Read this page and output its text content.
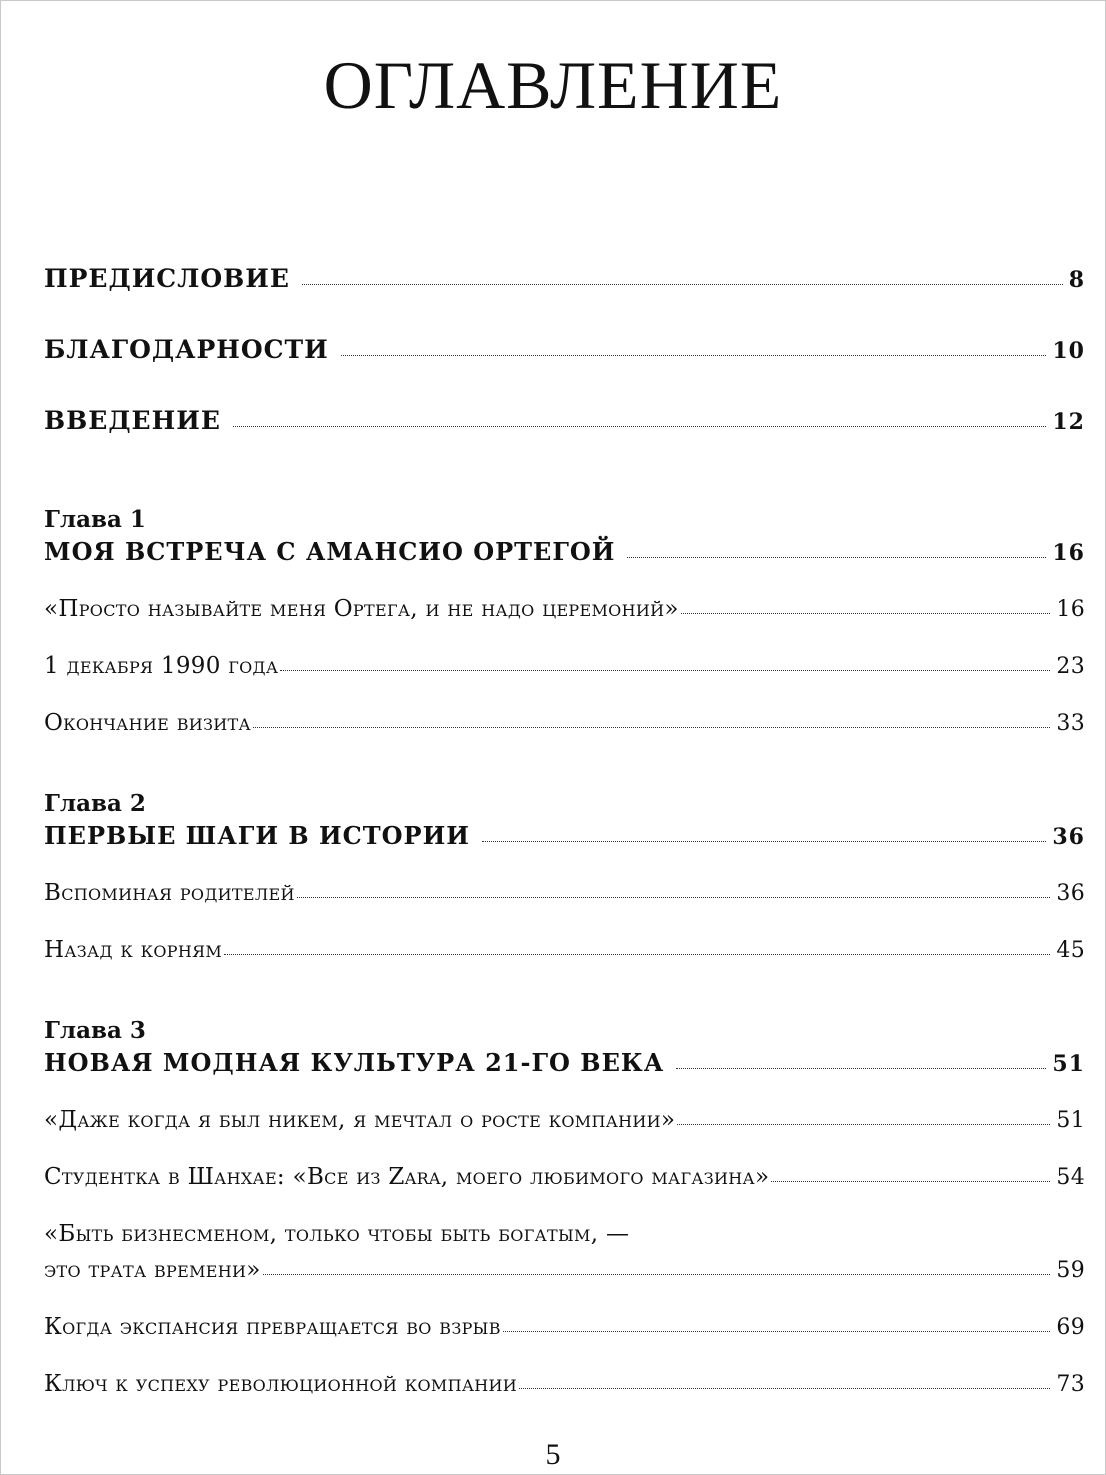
ОГЛАВЛЕНИЕ
ПРЕДИСЛОВИЕ	8
БЛАГОДАРНОСТИ	10
ВВЕДЕНИЕ	12
Глава 1
МОЯ ВСТРЕЧА С АМАНСИО ОРТЕГОЙ	16
«Просто называйте меня Ортега, и не надо церемоний»	16
1 декабря 1990 года	23
Окончание визита	33
Глава 2
ПЕРВЫЕ ШАГИ В ИСТОРИИ	36
Вспоминая родителей	36
Назад к корням	45
Глава 3
НОВАЯ МОДНАЯ КУЛЬТУРА 21-ГО ВЕКА	51
«Даже когда я был никем, я мечтал о росте компании»	51
Студентка в Шанхае: «Все из Zara, моего любимого магазина»	54
«Быть бизнесменом, только чтобы быть богатым, —
это трата времени»	59
Когда экспансия превращается во взрыв	69
Ключ к успеху революционной компании	73
5
